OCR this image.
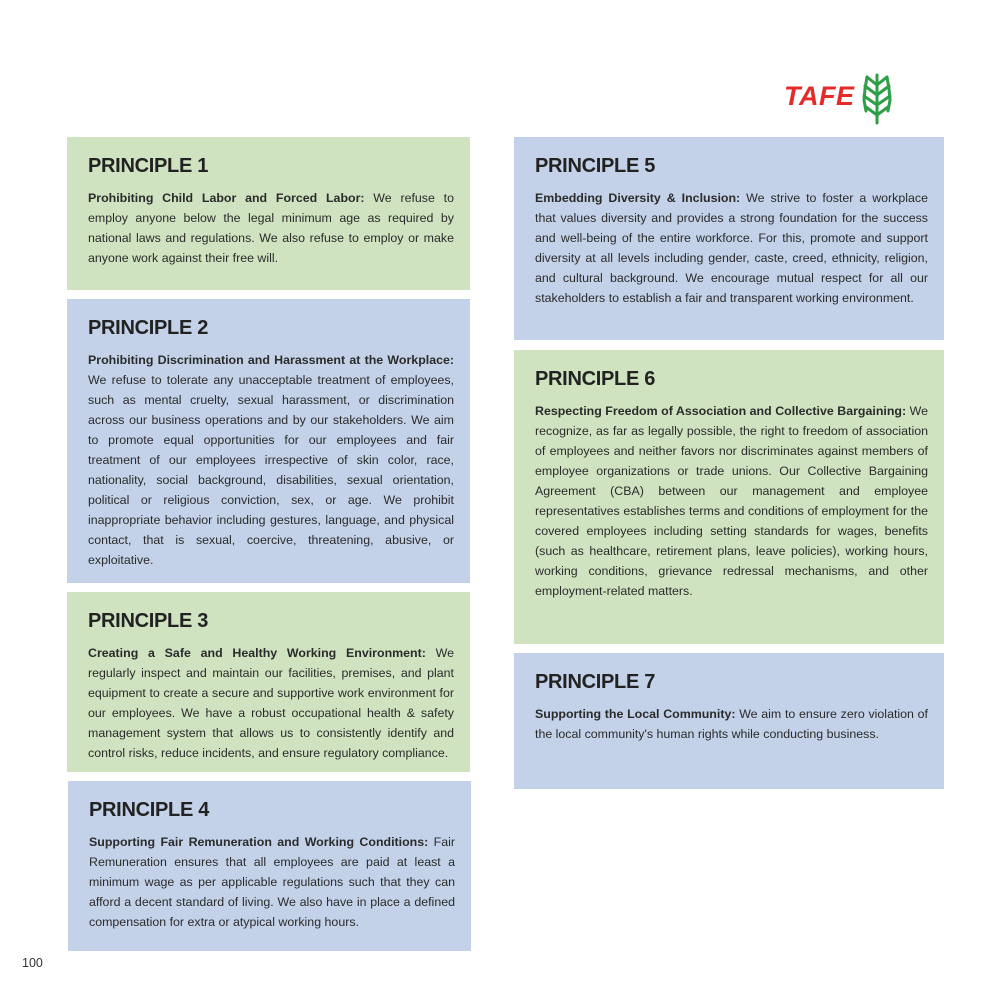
TAFE
PRINCIPLE 1

Prohibiting Child Labor and Forced Labor: We refuse to employ anyone below the legal minimum age as required by national laws and regulations. We also refuse to employ or make anyone work against their free will.

PRINCIPLE 2

Prohibiting Discrimination and Harassment at the Workplace: We refuse to tolerate any unacceptable treatment of employees, such as mental cruelty, sexual harassment, or discrimination across our business operations and by our stakeholders. We aim to promote equal opportunities for our employees and fair treatment of our employees irrespective of skin color, race, nationality, social background, disabilities, sexual orientation, political or religious conviction, sex, or age. We prohibit inappropriate behavior including gestures, language, and physical contact, that is sexual, coercive, threatening, abusive, or exploitative.

PRINCIPLE 3

Creating a Safe and Healthy Working Environment: We regularly inspect and maintain our facilities, premises, and plant equipment to create a secure and supportive work environment for our employees. We have a robust occupational health & safety management system that allows us to consistently identify and control risks, reduce incidents, and ensure regulatory compliance.

PRINCIPLE 4

Supporting Fair Remuneration and Working Conditions: Fair Remuneration ensures that all employees are paid at least a minimum wage as per applicable regulations such that they can afford a decent standard of living. We also have in place a defined compensation for extra or atypical working hours.

PRINCIPLE 5

Embedding Diversity & Inclusion: We strive to foster a workplace that values diversity and provides a strong foundation for the success and well-being of the entire workforce. For this, promote and support diversity at all levels including gender, caste, creed, ethnicity, religion, and cultural background. We encourage mutual respect for all our stakeholders to establish a fair and transparent working environment.

PRINCIPLE 6

Respecting Freedom of Association and Collective Bargaining: We recognize, as far as legally possible, the right to freedom of association of employees and neither favors nor discriminates against members of employee organizations or trade unions. Our Collective Bargaining Agreement (CBA) between our management and employee representatives establishes terms and conditions of employment for the covered employees including setting standards for wages, benefits (such as healthcare, retirement plans, leave policies), working hours, working conditions, grievance redressal mechanisms, and other employment-related matters.

PRINCIPLE 7

Supporting the Local Community: We aim to ensure zero violation of the local community's human rights while conducting business.

100
